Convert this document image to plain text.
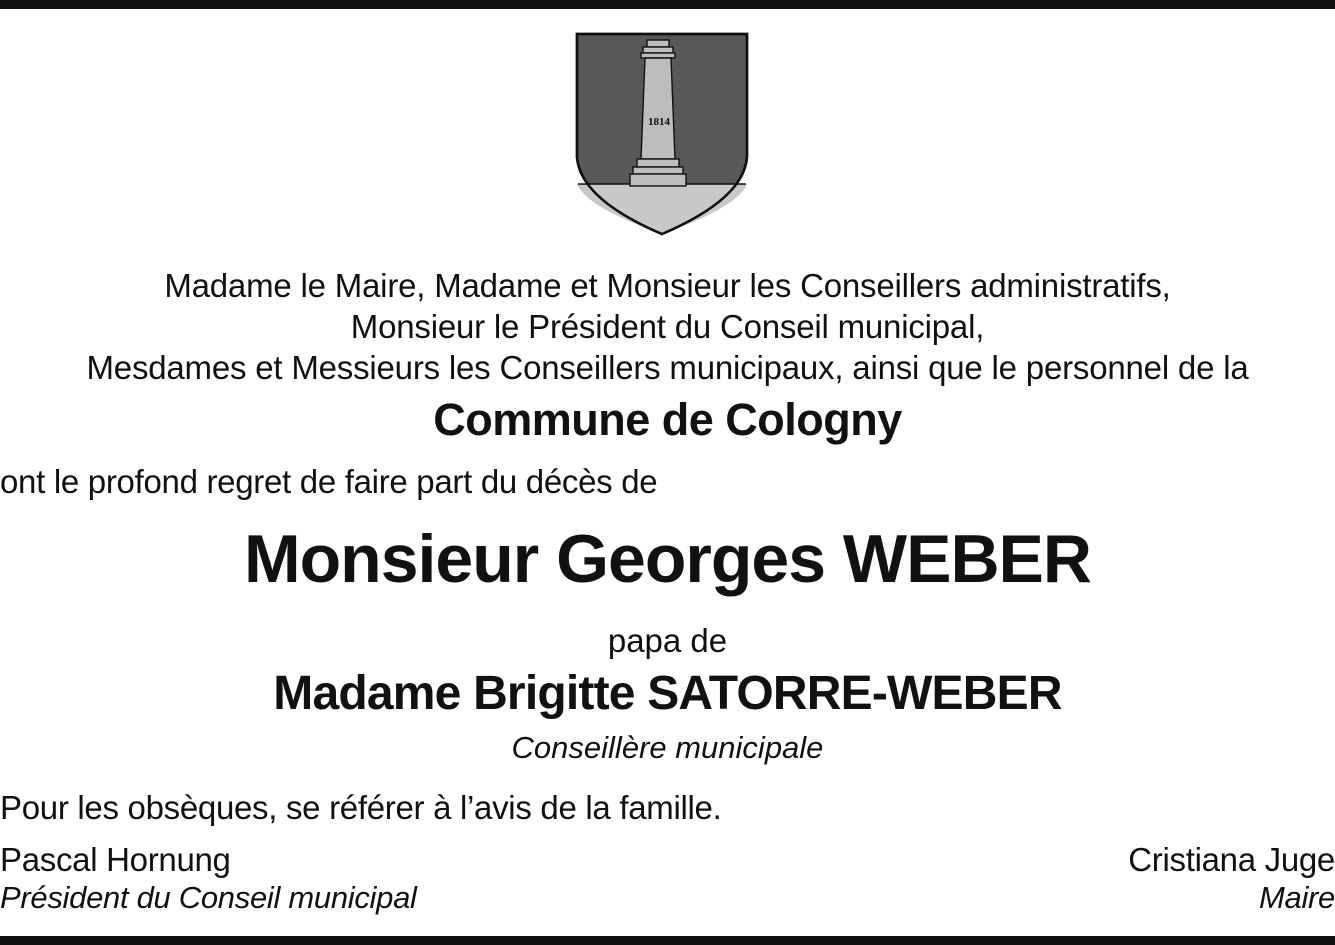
1814

Madame le Maire, Madame et Monsieur les Conseillers administratifs,

Monsieur le Président du Conseil municipal,

Mesdames et Messieurs les Conseillers municipaux, ainsi que le personnel de la

Commune de Cologny

ont le profond regret de faire part du décès de

Monsieur Georges WEBER

papa de

Madame Brigitte SATORRE-WEBER

Conseillère municipale

Pour les obsèques, se référer à l’avis de la famille.

Pascal Hornung

Président du Conseil municipal

Cristiana Juge

Maire
